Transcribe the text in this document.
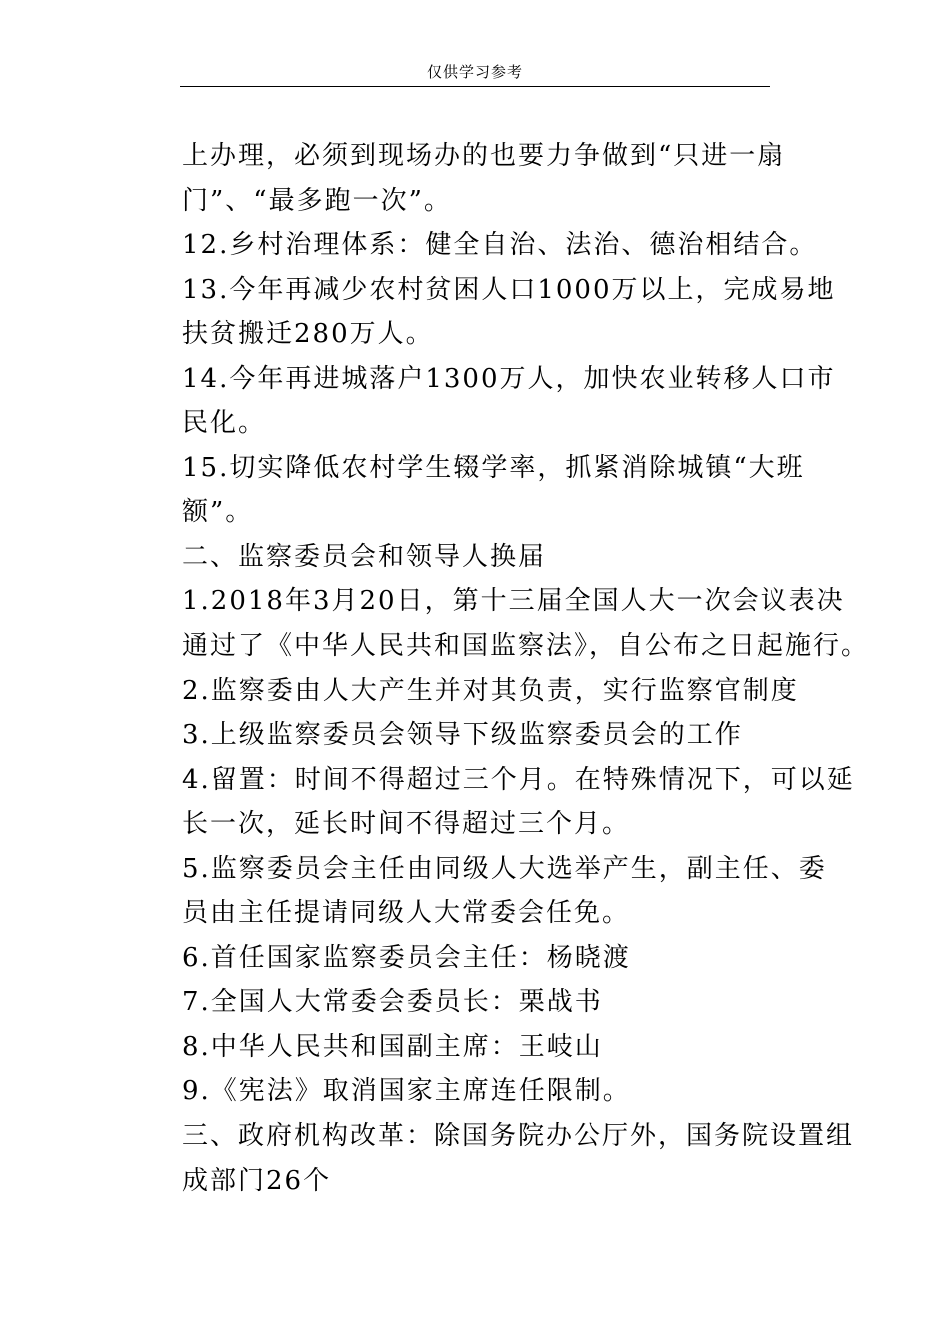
仅供学习参考
上办理，必须到现场办的也要力争做到“只进一扇
门”、“最多跑一次”。
12.乡村治理体系：健全自治、法治、德治相结合。
13.今年再减少农村贫困人口1000万以上，完成易地
扶贫搬迁280万人。
14.今年再进城落户1300万人，加快农业转移人口市
民化。
15.切实降低农村学生辍学率，抓紧消除城镇“大班
额”。
二、监察委员会和领导人换届
1.2018年3月20日，第十三届全国人大一次会议表决
通过了《中华人民共和国监察法》，自公布之日起施行。
2.监察委由人大产生并对其负责，实行监察官制度
3.上级监察委员会领导下级监察委员会的工作
4.留置：时间不得超过三个月。在特殊情况下，可以延
长一次，延长时间不得超过三个月。
5.监察委员会主任由同级人大选举产生，副主任、委
员由主任提请同级人大常委会任免。
6.首任国家监察委员会主任：杨晓渡
7.全国人大常委会委员长：栗战书
8.中华人民共和国副主席：王岐山
9.《宪法》取消国家主席连任限制。
三、政府机构改革：除国务院办公厅外，国务院设置组
成部门26个
